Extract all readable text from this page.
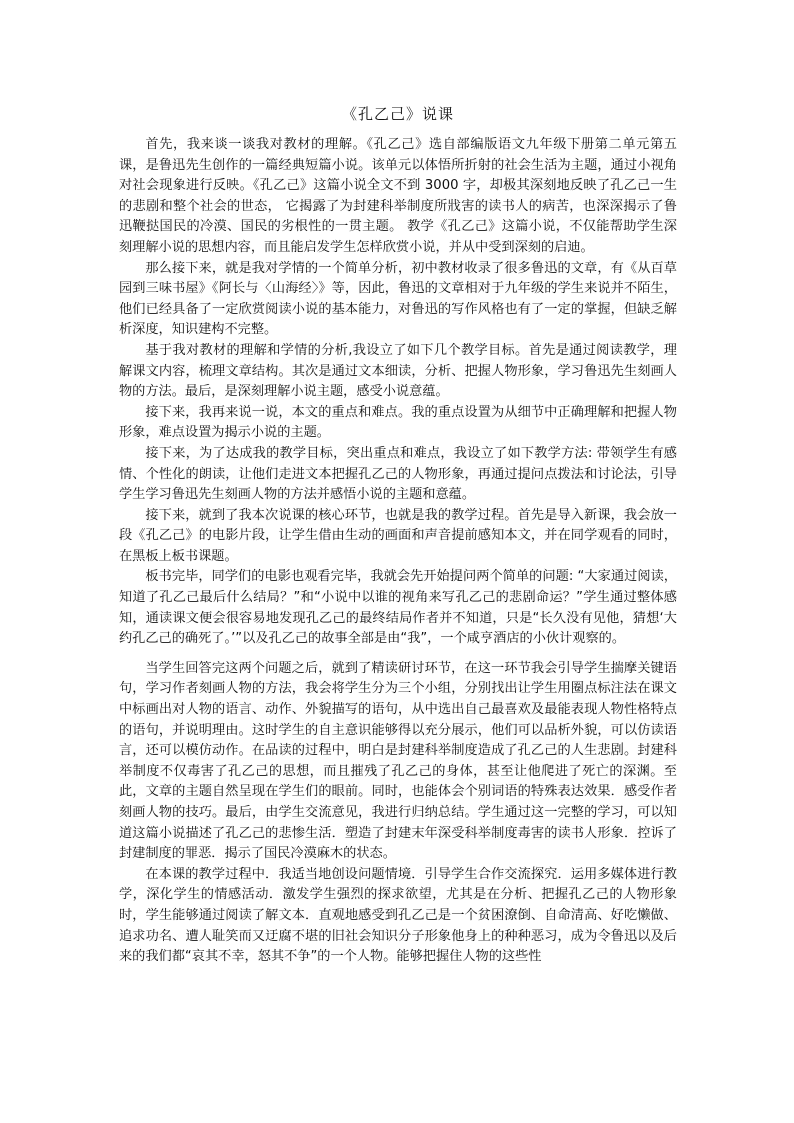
《孔乙己》说课

首先，我来谈一谈我对教材的理解。《孔乙己》选自部编版语文九年级下册第二单元第五课，是鲁迅先生创作的一篇经典短篇小说。该单元以体悟所折射的社会生活为主题，通过小视角对社会现象进行反映。《孔乙己》这篇小说全文不到 3000 字，却极其深刻地反映了孔乙己一生的悲剧和整个社会的世态， 它揭露了为封建科举制度所戕害的读书人的病苦，也深深揭示了鲁迅鞭挞国民的冷漠、国民的劣根性的一贯主题。 教学《孔乙己》这篇小说，不仅能帮助学生深刻理解小说的思想内容，而且能启发学生怎样欣赏小说，并从中受到深刻的启迪。

那么接下来，就是我对学情的一个简单分析，初中教材收录了很多鲁迅的文章，有《从百草园到三味书屋》《阿长与〈山海经〉》等，因此，鲁迅的文章相对于九年级的学生来说并不陌生，他们已经具备了一定欣赏阅读小说的基本能力，对鲁迅的写作风格也有了一定的掌握，但缺乏解析深度，知识建构不完整。

基于我对教材的理解和学情的分析,我设立了如下几个教学目标。首先是通过阅读教学，理解课文内容，梳理文章结构。其次是通过文本细读，分析、把握人物形象，学习鲁迅先生刻画人物的方法。最后，是深刻理解小说主题，感受小说意蕴。

接下来，我再来说一说，本文的重点和难点。我的重点设置为从细节中正确理解和把握人物形象，难点设置为揭示小说的主题。

接下来，为了达成我的教学目标，突出重点和难点，我设立了如下教学方法: 带领学生有感情、个性化的朗读，让他们走进文本把握孔乙己的人物形象，再通过提问点拨法和讨论法，引导学生学习鲁迅先生刻画人物的方法并感悟小说的主题和意蕴。

接下来，就到了我本次说课的核心环节，也就是我的教学过程。首先是导入新课，我会放一段《孔乙己》的电影片段，让学生借由生动的画面和声音提前感知本文，并在同学观看的同时，在黑板上板书课题。

板书完毕，同学们的电影也观看完毕，我就会先开始提问两个简单的问题: “大家通过阅读，知道了孔乙己最后什么结局？”和“小说中以谁的视角来写孔乙己的悲剧命运？”学生通过整体感知，通读课文便会很容易地发现孔乙己的最终结局作者并不知道，只是“长久没有见他，猜想‘大约孔乙己的确死了。’”以及孔乙己的故事全部是由“我”，一个咸亨酒店的小伙计观察的。

当学生回答完这两个问题之后，就到了精读研讨环节，在这一环节我会引导学生揣摩关键语句，学习作者刻画人物的方法，我会将学生分为三个小组，分别找出让学生用圈点标注法在课文中标画出对人物的语言、动作、外貌描写的语句，从中选出自己最喜欢及最能表现人物性格特点的语句，并说明理由。这时学生的自主意识能够得以充分展示，他们可以品析外貌，可以仿读语言，还可以模仿动作。在品读的过程中，明白是封建科举制度造成了孔乙己的人生悲剧。封建科举制度不仅毒害了孔乙己的思想，而且摧残了孔乙己的身体，甚至让他爬进了死亡的深渊。至此，文章的主题自然呈现在学生们的眼前。同时，也能体会个别词语的特殊表达效果．感受作者刻画人物的技巧。最后，由学生交流意见，我进行归纳总结。学生通过这一完整的学习，可以知道这篇小说描述了孔乙己的悲惨生活．塑造了封建末年深受科举制度毒害的读书人形象．控诉了封建制度的罪恶．揭示了国民冷漠麻木的状态。

在本课的教学过程中．我适当地创设问题情境．引导学生合作交流探究．运用多媒体进行教学，深化学生的情感活动．激发学生强烈的探求欲望，尤其是在分析、把握孔乙己的人物形象时，学生能够通过阅读了解文本．直观地感受到孔乙己是一个贫困潦倒、自命清高、好吃懒做、追求功名、遭人耻笑而又迂腐不堪的旧社会知识分子形象他身上的种种恶习，成为令鲁迅以及后来的我们都“哀其不幸，怒其不争”的一个人物。能够把握住人物的这些性
